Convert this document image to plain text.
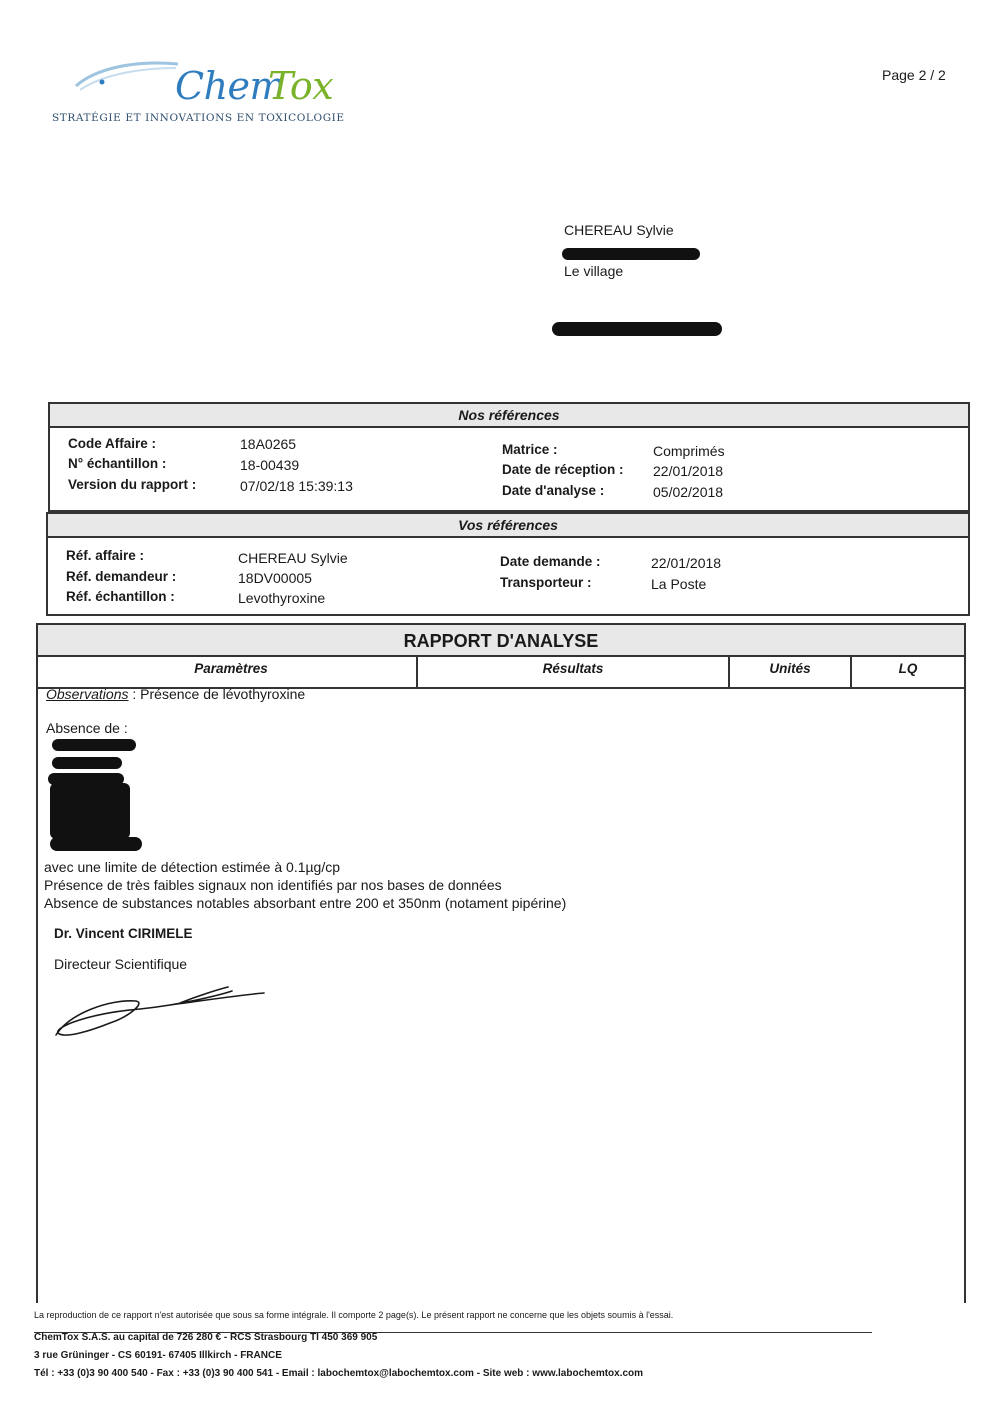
Chem
Tox
STRATÉGIE ET INNOVATIONS EN TOXICOLOGIE
Page 2 / 2
CHEREAU Sylvie
Le village
Nos références
Code Affaire :	18A0265
N° échantillon :	18-00439
Version du rapport :	07/02/18 15:39:13
Matrice :	Comprimés
Date de réception : 22/01/2018
Date d'analyse :	05/02/2018
Vos références
Réf. affaire :	CHEREAU Sylvie
Réf. demandeur :	18DV00005
Réf. échantillon :	Levothyroxine
Date demande :	22/01/2018
Transporteur :	La Poste
RAPPORT D'ANALYSE
Paramètres	Résultats	Unités	LQ
Observations : Présence de lévothyroxine
Absence de :
avec une limite de détection estimée à 0.1µg/cp
Présence de très faibles signaux non identifiés par nos bases de données
Absence de substances notables absorbant entre 200 et 350nm (notament pipérine)
Dr. Vincent CIRIMELE
Directeur Scientifique
La reproduction de ce rapport n'est autorisée que sous sa forme intégrale. Il comporte 2 page(s). Le présent rapport ne concerne que les objets soumis à l'essai.
ChemTox S.A.S. au capital de 726 280 € - RCS Strasbourg TI 450 369 905
3 rue Grüninger - CS 60191- 67405 Illkirch - FRANCE
Tél : +33 (0)3 90 400 540 - Fax : +33 (0)3 90 400 541 - Email : labochemtox@labochemtox.com - Site web : www.labochemtox.com
